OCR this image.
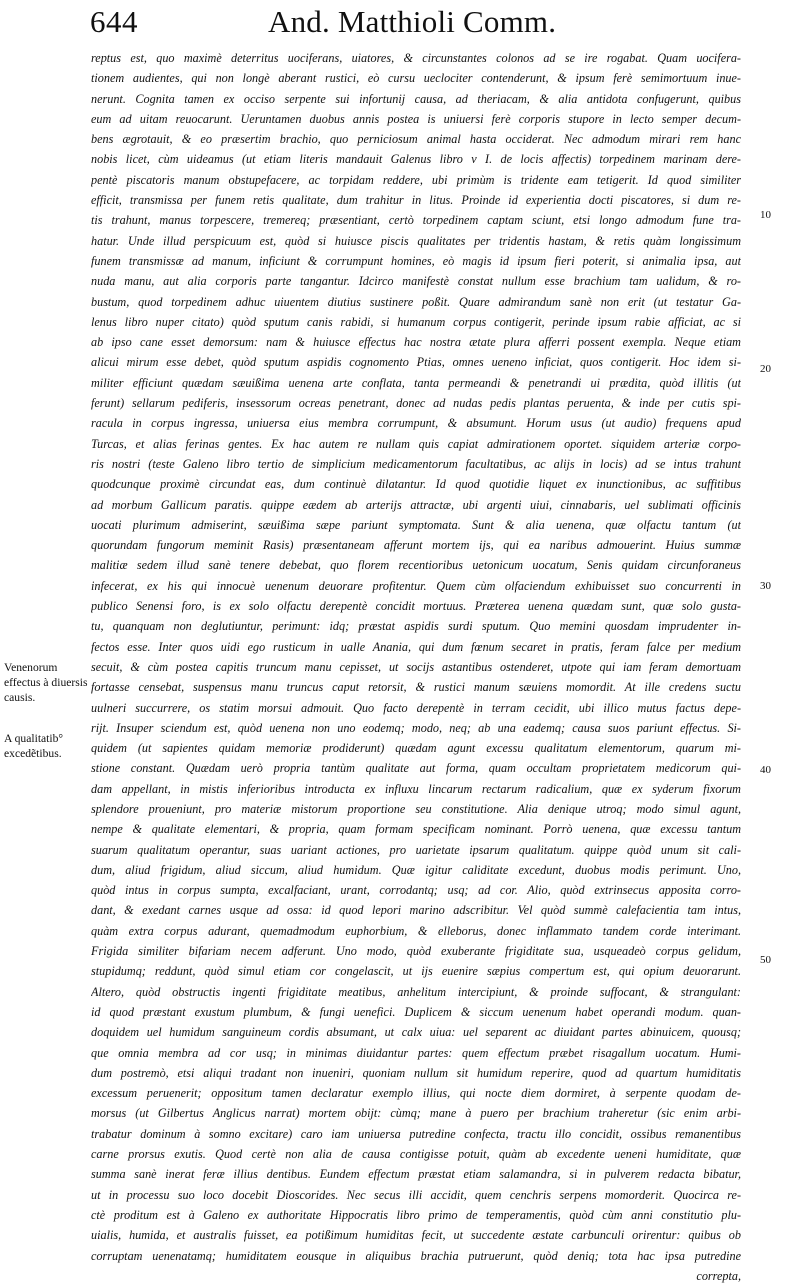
644	And. Matthioli Comm.
reptus est, quo maximè deterritus uociferans, uiatores, & circunstantes colonos ad se ire rogabat. Quam uocifera-
tionem audientes, qui non longè aberant rustici, eò cursu ueclociter contenderunt, & ipsum ferè semimortuum inue-
nerunt. Cognita tamen ex occiso serpente sui infortunij causa, ad theriacam, & alia antidota confugerunt, quibus
eum ad uitam reuocarunt. Ueruntamen duobus annis postea is uniuersi ferè corporis stupore in lecto semper decum-
bens ægrotauit, & eo præsertim brachio, quo perniciosum animal hasta occiderat. Nec admodum mirari rem hanc
nobis licet, cùm uideamus (ut etiam literis mandauit Galenus libro v I. de locis affectis) torpedinem marinam dere-
pentè piscatoris manum obstupefacere, ac torpidam reddere, ubi primùm is tridente eam tetigerit. Id quod similiter
efficit, transmissa per funem retis qualitate, dum trahitur in litus. Proinde id experientia docti piscatores, si dum re-
tis trahunt, manus torpescere, tremereq; præsentiant, certò torpedinem captam sciunt, etsi longo admodum fune tra-
hatur. Unde illud perspicuum est, quòd si huiusce piscis qualitates per tridentis hastam, & retis quàm longissimum
funem transmissæ ad manum, inficiunt & corrumpunt homines, eò magis id ipsum fieri poterit, si animalia ipsa, aut
nuda manu, aut alia corporis parte tangantur. Idcirco manifestè constat nullum esse brachium tam ualidum, & ro-
bustum, quod torpedinem adhuc uiuentem diutius sustinere poßit. Quare admirandum sanè non erit (ut testatur Ga-
lenus libro nuper citato) quòd sputum canis rabidi, si humanum corpus contigerit, perinde ipsum rabie afficiat, ac si
ab ipso cane esset demorsum: nam & huiusce effectus hac nostra ætate plura afferri possent exempla. Neque etiam
alicui mirum esse debet, quòd sputum aspidis cognomento Ptias, omnes ueneno inficiat, quos contigerit. Hoc idem si-
militer efficiunt quædam sæuißima uenena arte conflata, tanta permeandi & penetrandi ui prædita, quòd illitis (ut
ferunt) sellarum pediferis, insessorum ocreas penetrant, donec ad nudas pedis plantas peruenta, & inde per cutis spi-
racula in corpus ingressa, uniuersa eius membra corrumpunt, & absumunt. Horum usus (ut audio) frequens apud
Turcas, et alias ferinas gentes. Ex hac autem re nullam quis capiat admirationem oportet. siquidem arteriæ corpo-
ris nostri (teste Galeno libro tertio de simplicium medicamentorum facultatibus, ac alijs in locis) ad se intus trahunt
quodcunque proximè circundat eas, dum continuè dilatantur. Id quod quotidie liquet ex inunctionibus, ac suffitibus
ad morbum Gallicum paratis. quippe eædem ab arterijs attractæ, ubi argenti uiui, cinnabaris, uel sublimati officinis
uocati plurimum admiserint, sæuißima sæpe pariunt symptomata. Sunt & alia uenena, quæ olfactu tantum (ut
quorundam fungorum meminit Rasis) præsentaneam afferunt mortem ijs, qui ea naribus admouerint. Huius summæ
malitiæ sedem illud sanè tenere debebat, quo florem recentioribus uetonicum uocatum, Senis quidam circunforaneus
infecerat, ex his qui innocuè uenenum deuorare profitentur. Quem cùm olfaciendum exhibuisset suo concurrenti in
publico Senensi foro, is ex solo olfactu derepentè concidit mortuus. Præterea uenena quædam sunt, quæ solo gusta-
tu, quanquam non deglutiuntur, perimunt: idq; præstat aspidis surdi sputum. Quo memini quosdam imprudenter in-
fectos esse. Inter quos uidi ego rusticum in ualle Anania, qui dum fœnum secaret in pratis, feram falce per medium
secuit, & cùm postea capitis truncum manu cepisset, ut socijs astantibus ostenderet, utpote qui iam feram demortuam
fortasse censebat, suspensus manu truncus caput retorsit, & rustici manum sæuiens momordit. At ille credens suctu
uulneri succurrere, os statim morsui admouit. Quo facto derepentè in terram cecidit, ubi illico mutus factus depe-
rijt. Insuper sciendum est, quòd uenena non uno eodemq; modo, neq; ab una eademq; causa suos pariunt effectus. Si-
quidem (ut sapientes quidam memoriæ prodiderunt) quædam agunt excessu qualitatum elementorum, quarum mi-
stione constant. Quædam uerò propria tantùm qualitate aut forma, quam occultam proprietatem medicorum qui-
dam appellant, in mistis inferioribus introducta ex influxu lincarum rectarum radicalium, quæ ex syderum fixorum
splendore proueniunt, pro materiæ mistorum proportione seu constitutione. Alia denique utroq; modo simul agunt,
nempe & qualitate elementari, & propria, quam formam specificam nominant. Porrò uenena, quæ excessu tantum
suarum qualitatum operantur, suas uariant actiones, pro uarietate ipsarum qualitatum. quippe quòd unum sit cali-
dum, aliud frigidum, aliud siccum, aliud humidum. Quæ igitur caliditate excedunt, duobus modis perimunt. Uno,
quòd intus in corpus sumpta, excalfaciant, urant, corrodantq; usq; ad cor. Alio, quòd extrinsecus apposita corro-
dant, & exedant carnes usque ad ossa: id quod lepori marino adscribitur. Vel quòd summè calefacientia tam intus,
quàm extra corpus adurant, quemadmodum euphorbium, & elleborus, donec inflammato tandem corde interimant.
Frigida similiter bifariam necem adferunt. Uno modo, quòd exuberante frigiditate sua, usqueadeò corpus gelidum,
stupidumq; reddunt, quòd simul etiam cor congelascit, ut ijs euenire sæpius compertum est, qui opium deuorarunt.
Altero, quòd obstructis ingenti frigiditate meatibus, anhelitum intercipiunt, & proinde suffocant, & strangulant:
id quod præstant exustum plumbum, & fungi uenefici. Duplicem & siccum uenenum habet operandi modum. quan-
doquidem uel humidum sanguineum cordis absumant, ut calx uiua: uel separent ac diuidant partes abinuicem, quousq;
que omnia membra ad cor usq; in minimas diuidantur partes: quem effectum præbet risagallum uocatum. Humi-
dum postremò, etsi aliqui tradant non inueniri, quoniam nullum sit humidum reperire, quod ad quartum humiditatis
excessum peruenerit; oppositum tamen declaratur exemplo illius, qui nocte diem dormiret, à serpente quodam de-
morsus (ut Gilbertus Anglicus narrat) mortem obijt: cùmq; mane à puero per brachium traheretur (sic enim arbi-
trabatur dominum à somno excitare) caro iam uniuersa putredine confecta, tractu illo concidit, ossibus remanentibus
carne prorsus exutis. Quod certè non alia de causa contigisse potuit, quàm ab excedente ueneni humiditate, quæ
summa sanè inerat feræ illius dentibus. Eundem effectum præstat etiam salamandra, si in pulverem redacta bibatur,
ut in processu suo loco docebit Dioscorides. Nec secus illi accidit, quem cenchris serpens momorderit. Quocirca re-
ctè proditum est à Galeno ex authoritate Hippocratis libro primo de temperamentis, quòd cùm anni constitutio plu-
uialis, humida, et australis fuisset, ea potißimum humiditas fecit, ut succedente æstate carbunculi orirentur: quibus ob
corruptam uenenatamq; humiditatem eousque in aliquibus brachia putruerunt, quòd deniq; tota hac ipsa putredine
correpta,
10
20
30
40
50
Venenorum effectus à diuersis causis.
A qualitatib° excedẽtibus.
